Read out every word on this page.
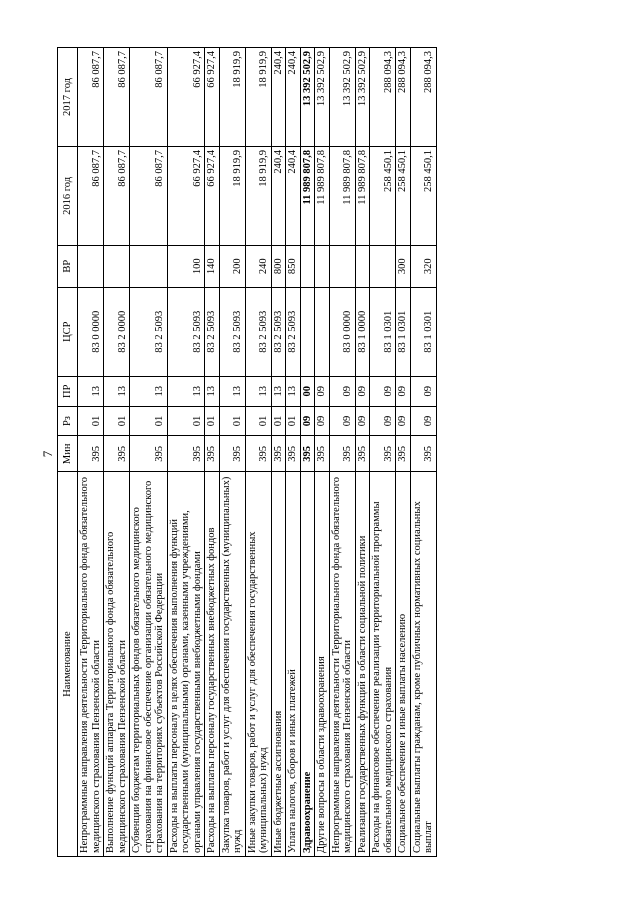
7
Наименование	Мин	Рз	ПР	ЦСР	ВР	2016 год	2017 год
Непрограммные направления деятельности Территориального фонда обязательного медицинского страхования Пензенской области	395	01	13	83 0 0000		86 087,7	86 087,7
Выполнение функций аппарата Территориального фонда обязательного медицинского страхования Пензенской области	395	01	13	83 2 0000		86 087,7	86 087,7
Субвенции бюджетам территориальных фондов обязательного медицинского страхования на финансовое обеспечение организации обязательного медицинского страхования на территориях субъектов Российской Федерации	395	01	13	83 2 5093		86 087,7	86 087,7
Расходы на выплаты персоналу в целях обеспечения выполнения функций государственными (муниципальными) органами, казенными учреждениями, органами управления государственными внебюджетными фондами	395	01	13	83 2 5093	100	66 927,4	66 927,4
Расходы на выплаты персоналу государственных внебюджетных фондов	395	01	13	83 2 5093	140	66 927,4	66 927,4
Закупка товаров, работ и услуг для обеспечения государственных (муниципальных) нужд	395	01	13	83 2 5093	200	18 919,9	18 919,9
Иные закупки товаров, работ и услуг для обеспечения государственных (муниципальных) нужд	395	01	13	83 2 5093	240	18 919,9	18 919,9
Иные бюджетные ассигнования	395	01	13	83 2 5093	800	240,4	240,4
Уплата налогов, сборов и иных платежей	395	01	13	83 2 5093	850	240,4	240,4
Здравоохранение	395	09	00			11 989 807,8	13 392 502,9
Другие вопросы в области здравоохранения	395	09	09			11 989 807,8	13 392 502,9
Непрограммные направления деятельности Территориального фонда обязательного медицинского страхования Пензенской области	395	09	09	83 0 0000		11 989 807,8	13 392 502,9
Реализация государственных функций в области социальной политики	395	09	09	83 1 0000		11 989 807,8	13 392 502,9
Расходы на финансовое обеспечение реализации территориальной программы обязательного медицинского страхования	395	09	09	83 1 0301		258 450,1	288 094,3
Социальное обеспечение и иные выплаты населению	395	09	09	83 1 0301	300	258 450,1	288 094,3
Социальные выплаты гражданам, кроме публичных нормативных социальных выплат	395	09	09	83 1 0301	320	258 450,1	288 094,3
